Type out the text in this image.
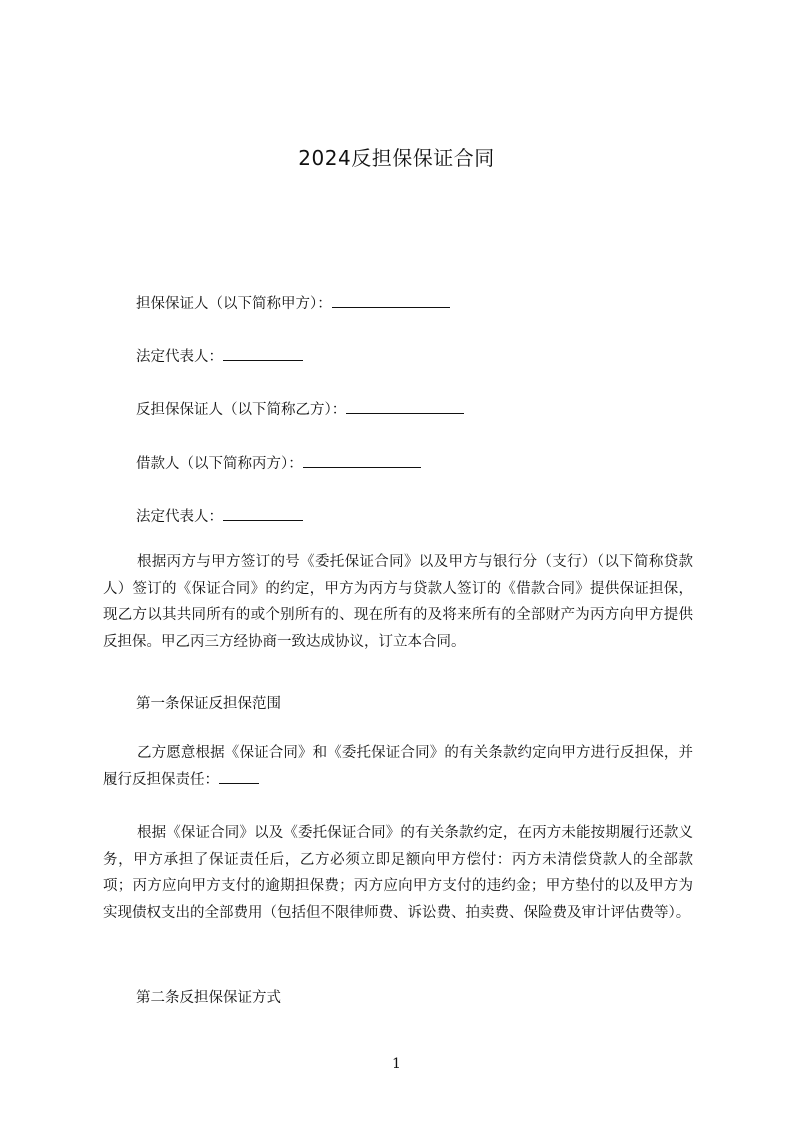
2024反担保保证合同

担保保证人（以下简称甲方）：

法定代表人：

反担保保证人（以下简称乙方）：

借款人（以下简称丙方）：

法定代表人：

根据丙方与甲方签订的号《委托保证合同》以及甲方与银行分（支行）（以下简称贷款人）签订的《保证合同》的约定，甲方为丙方与贷款人签订的《借款合同》提供保证担保，现乙方以其共同所有的或个别所有的、现在所有的及将来所有的全部财产为丙方向甲方提供反担保。甲乙丙三方经协商一致达成协议，订立本合同。

第一条保证反担保范围

乙方愿意根据《保证合同》和《委托保证合同》的有关条款约定向甲方进行反担保，并履行反担保责任：

根据《保证合同》以及《委托保证合同》的有关条款约定，在丙方未能按期履行还款义务，甲方承担了保证责任后，乙方必须立即足额向甲方偿付：丙方未清偿贷款人的全部款项；丙方应向甲方支付的逾期担保费；丙方应向甲方支付的违约金；甲方垫付的以及甲方为实现债权支出的全部费用（包括但不限律师费、诉讼费、拍卖费、保险费及审计评估费等）。

第二条反担保保证方式

1
